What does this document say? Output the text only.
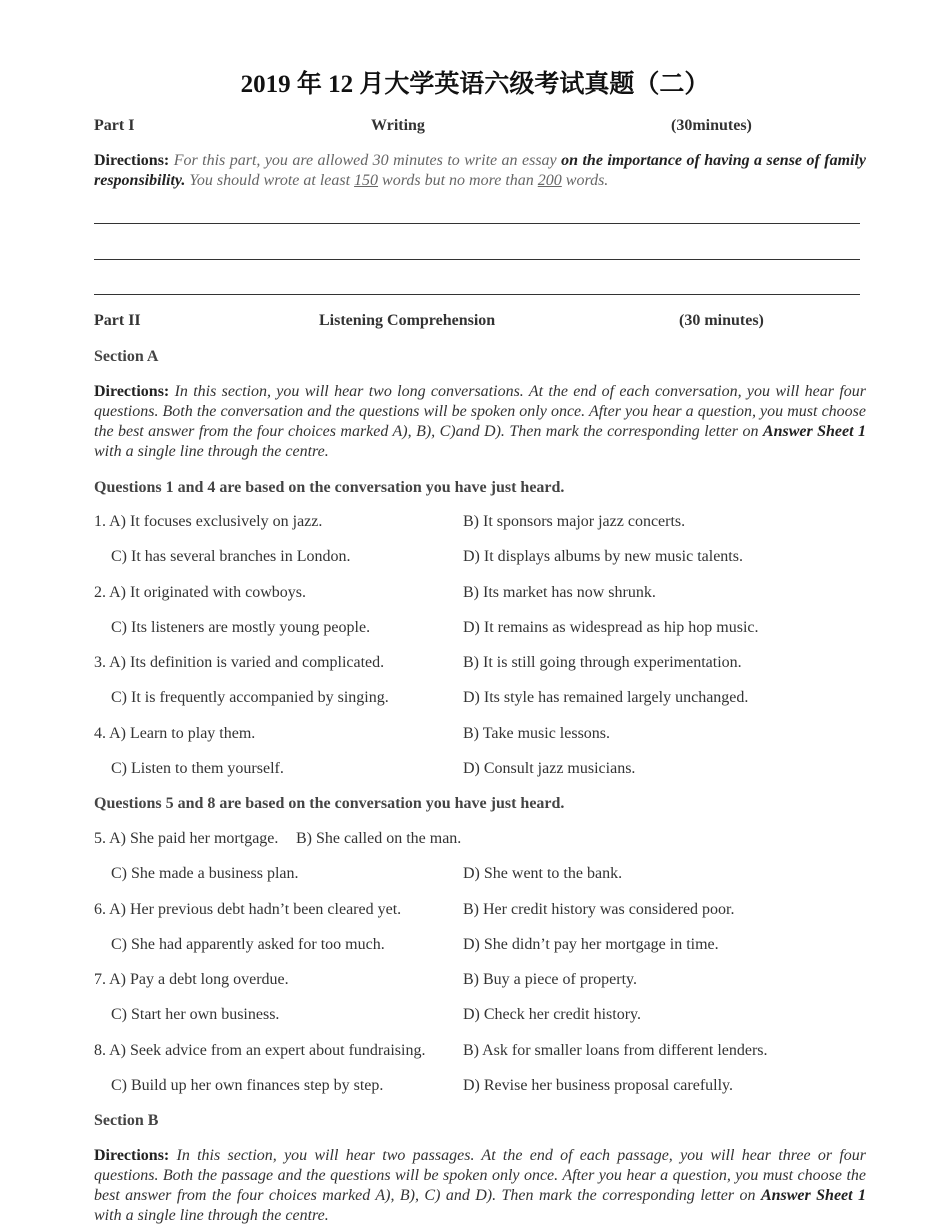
2019 年 12 月大学英语六级考试真题（二）
Part I	Writing	(30minutes)
Directions: For this part, you are allowed 30 minutes to write an essay on the importance of having a sense of family responsibility. You should wrote at least 150 words but no more than 200 words.
Part II	Listening Comprehension	(30 minutes)
Section A
Directions: In this section, you will hear two long conversations. At the end of each conversation, you will hear four questions. Both the conversation and the questions will be spoken only once. After you hear a question, you must choose the best answer from the four choices marked A), B), C)and D). Then mark the corresponding letter on Answer Sheet 1 with a single line through the centre.
Questions 1 and 4 are based on the conversation you have just heard.
1. A) It focuses exclusively on jazz.	B) It sponsors major jazz concerts.
C) It has several branches in London.	D) It displays albums by new music talents.
2. A) It originated with cowboys.	B) Its market has now shrunk.
C) Its listeners are mostly young people.	D) It remains as widespread as hip hop music.
3. A) Its definition is varied and complicated.	B) It is still going through experimentation.
C) It is frequently accompanied by singing.	D) Its style has remained largely unchanged.
4. A) Learn to play them.	B) Take music lessons.
C) Listen to them yourself.	D) Consult jazz musicians.
Questions 5 and 8 are based on the conversation you have just heard.
5. A) She paid her mortgage. B) She called on the man.
C) She made a business plan.	D) She went to the bank.
6. A) Her previous debt hadn’t been cleared yet.	B) Her credit history was considered poor.
C) She had apparently asked for too much.	D) She didn’t pay her mortgage in time.
7. A) Pay a debt long overdue.	B) Buy a piece of property.
C) Start her own business.	D) Check her credit history.
8. A) Seek advice from an expert about fundraising. B) Ask for smaller loans from different lenders.
C) Build up her own finances step by step.	D) Revise her business proposal carefully.
Section B
Directions: In this section, you will hear two passages. At the end of each passage, you will hear three or four questions. Both the passage and the questions will be spoken only once. After you hear a question, you must choose the best answer from the four choices marked A), B), C) and D). Then mark the corresponding letter on Answer Sheet 1 with a single line through the centre.
